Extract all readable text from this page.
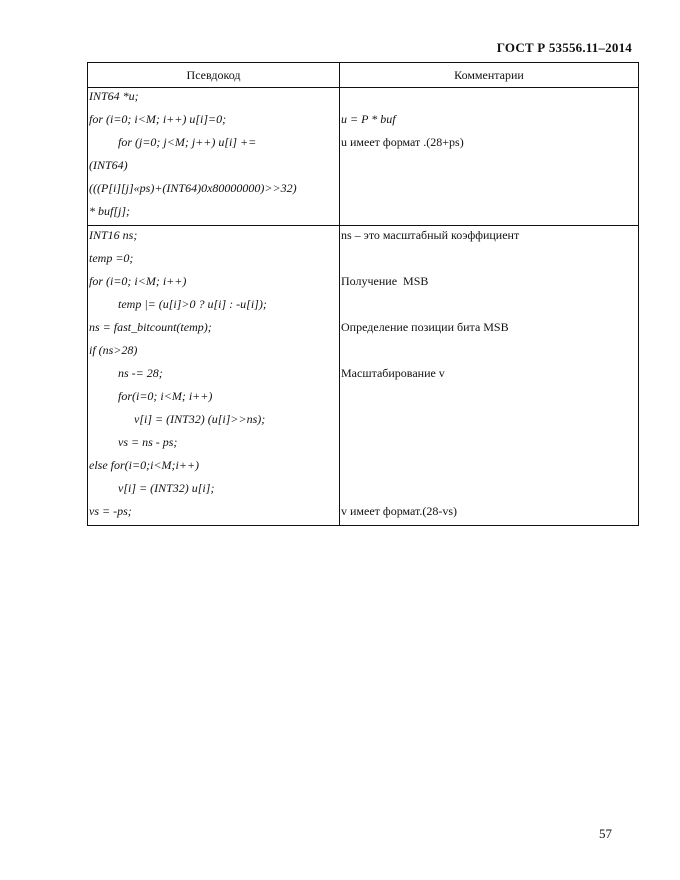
ГОСТ Р 53556.11–2014
Псевдокод	Комментарии
INT64 *u;
for (i=0; i<M; i++) u[i]=0;
for (j=0; j<M; j++) u[i] +=
(INT64)
(((P[i][j]«ps)+(INT64)0x80000000)>>32)
* buf[j];
u = P * buf
u имеет формат .(28+ps)
INT16 ns;
temp =0;
for (i=0; i<M; i++)
temp |= (u[i]>0 ? u[i] : -u[i]);
ns = fast_bitcount(temp);
if (ns>28)
ns -= 28;
for(i=0; i<M; i++)
v[i] = (INT32) (u[i]>>ns);
vs = ns - ps;
else for(i=0;i<M;i++)
v[i] = (INT32) u[i];
vs = -ps;
ns – это масштабный коэффициент
Получение  MSB
Определение позиции бита MSB
Масштабирование v
v имеет формат.(28-vs)
57
